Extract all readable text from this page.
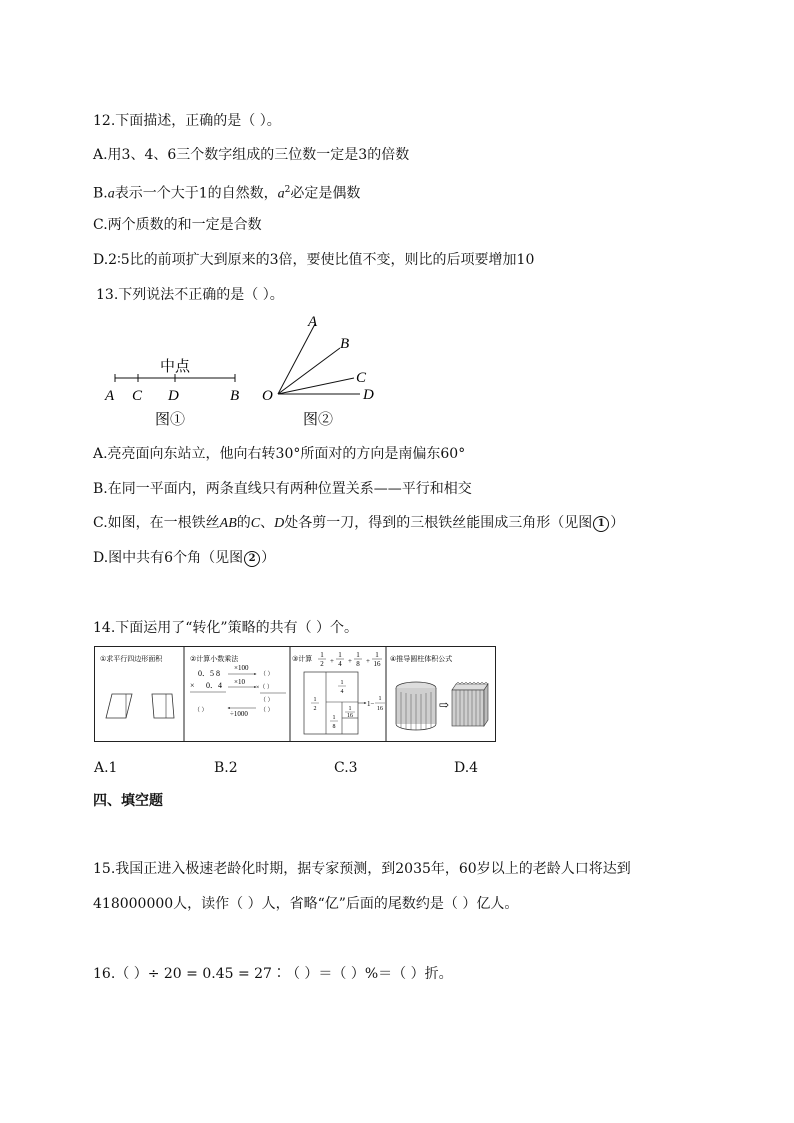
12.下面描述，正确的是（ ）。
A.用3、4、6三个数字组成的三位数一定是3的倍数
B.a表示一个大于1的自然数，$a^2$必定是偶数
C.两个质数的和一定是合数
D.2∶5比的前项扩大到原来的3倍，要使比值不变，则比的后项要增加10
13.下列说法不正确的是（ ）。
中点
A C D	B
图①
A
B
C
D
O
图②
A.亮亮面向东站立，他向右转30°所面对的方向是南偏东60°
B.在同一平面内，两条直线只有两种位置关系——平行和相交
C.如图，在一根铁丝AB的C、D处各剪一刀，得到的三根铁丝能围成三角形（见图 1 ）
D.图中共有6个角（见图 2 ）
14.下面运用了“转化”策略的共有（ ）个。
①求平行四边形面积	②计算小数乘法
0．5 8
× 0．4
（ ）
×100
×10
（ ）
×（ ）
（ ）
÷1000 （ ）
③计算 1
2 +
1
4 +
1
8 +
1
16
1
2
1
4
1
8
1
16
1−
1
16
④推导圆柱体积公式
⇨
A.1	B.2	C.3	D.4
四、填空题
15.我国正进入极速老龄化时期，据专家预测，到2035年，60岁以上的老龄人口将达到
418000000人，读作（ ）人，省略“亿”后面的尾数约是（ ）亿人。
16.（ ）÷ 20 = 0.45 = 27∶（ ）＝（ ）%＝（ ）折。
